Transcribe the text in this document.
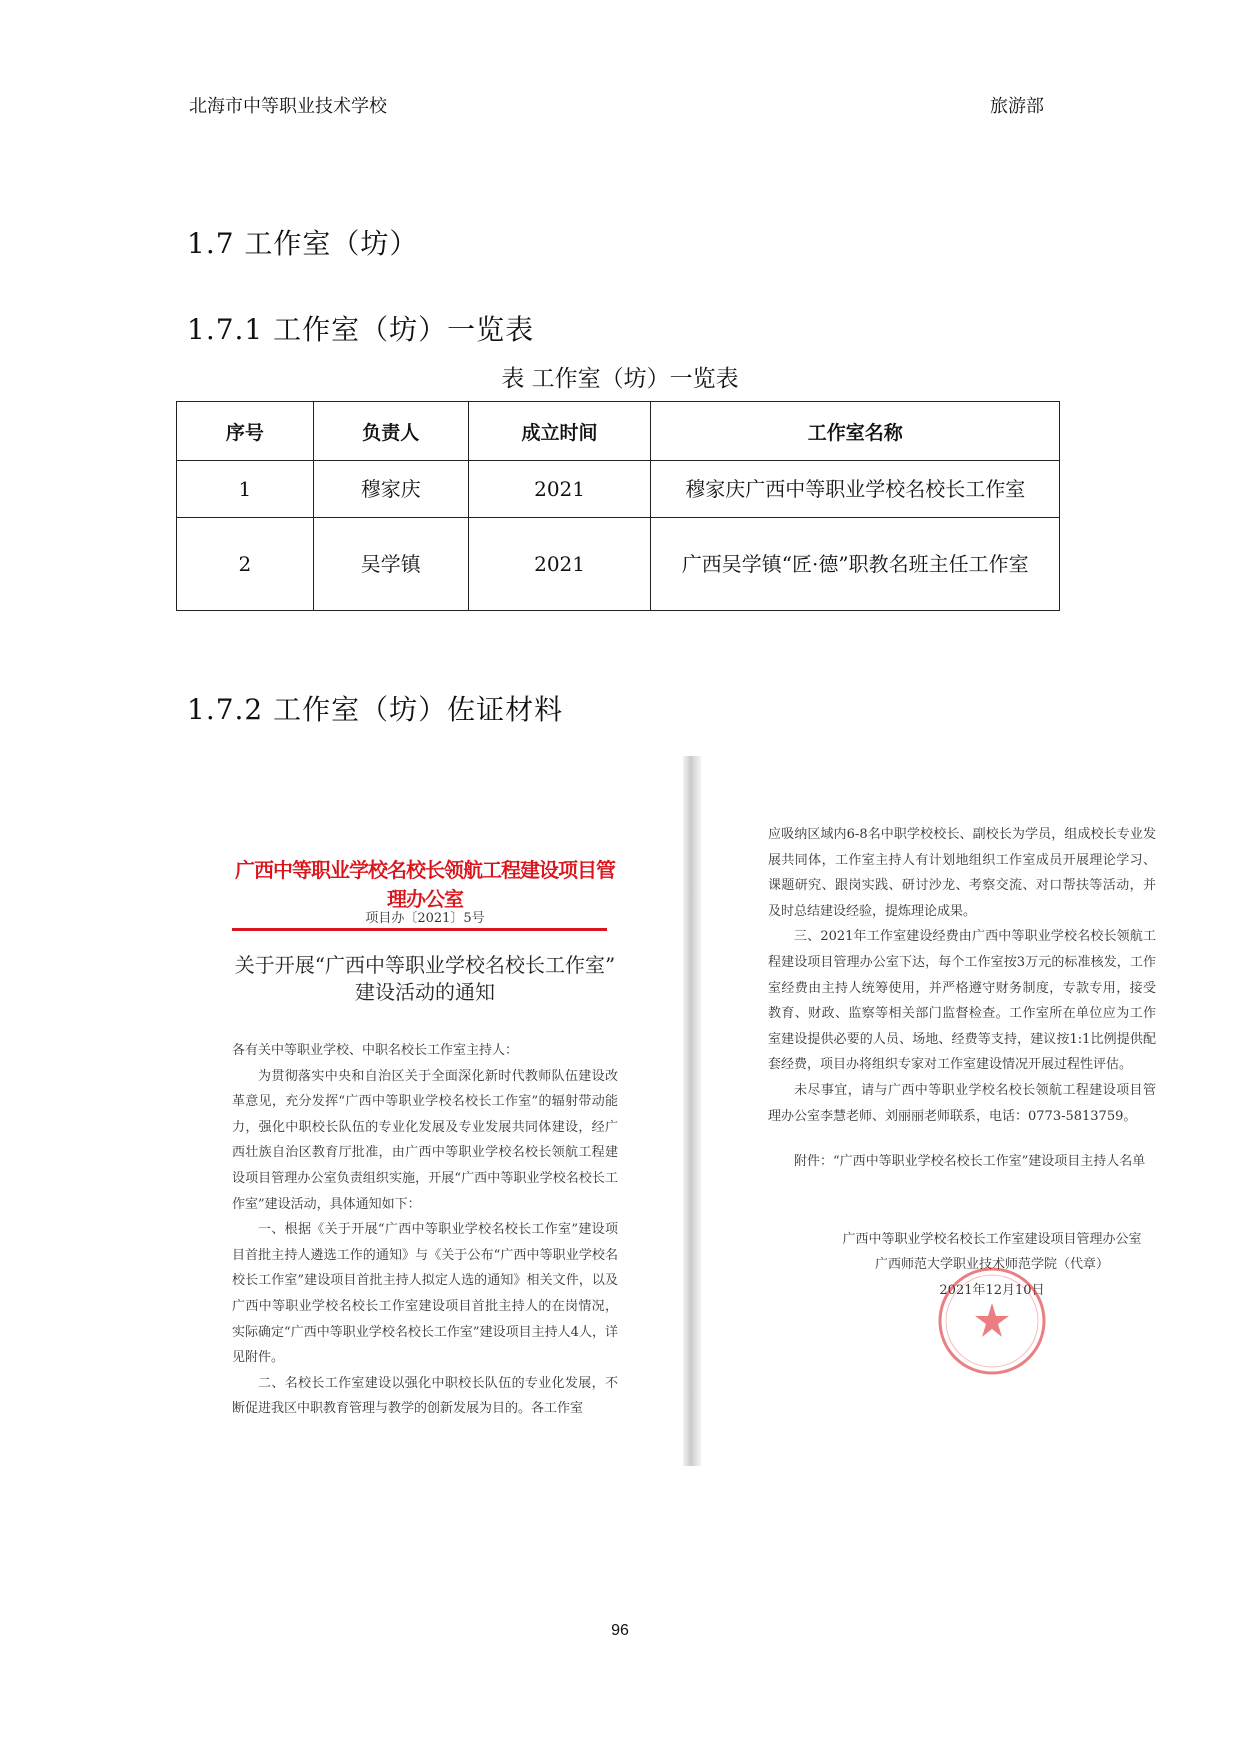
北海市中等职业技术学校	旅游部
1.7 工作室（坊）
1.7.1 工作室（坊）一览表
表 工作室（坊）一览表
序号	负责人	成立时间	工作室名称
1	穆家庆	2021	穆家庆广西中等职业学校名校长工作室
2	吴学镇	2021	广西吴学镇“匠·德”职教名班主任工作室
1.7.2 工作室（坊）佐证材料
广西中等职业学校名校长领航工程建设项目管理办公室
项目办〔2021〕5号
关于开展“广西中等职业学校名校长工作室”
建设活动的通知

各有关中等职业学校、中职名校长工作室主持人：

为贯彻落实中央和自治区关于全面深化新时代教师队伍建设改革意见，充分发挥“广西中等职业学校名校长工作室”的辐射带动能力，强化中职校长队伍的专业化发展及专业发展共同体建设，经广西壮族自治区教育厅批准，由广西中等职业学校名校长领航工程建设项目管理办公室负责组织实施，开展“广西中等职业学校名校长工作室”建设活动，具体通知如下：

一、根据《关于开展“广西中等职业学校名校长工作室”建设项目首批主持人遴选工作的通知》与《关于公布“广西中等职业学校名校长工作室”建设项目首批主持人拟定人选的通知》相关文件，以及广西中等职业学校名校长工作室建设项目首批主持人的在岗情况，实际确定“广西中等职业学校名校长工作室”建设项目主持人4人，详见附件。

二、名校长工作室建设以强化中职校长队伍的专业化发展，不断促进我区中职教育管理与教学的创新发展为目的。各工作室

应吸纳区域内6-8名中职学校校长、副校长为学员，组成校长专业发展共同体，工作室主持人有计划地组织工作室成员开展理论学习、课题研究、跟岗实践、研讨沙龙、考察交流、对口帮扶等活动，并及时总结建设经验，提炼理论成果。

三、2021年工作室建设经费由广西中等职业学校名校长领航工程建设项目管理办公室下达，每个工作室按3万元的标准核发，工作室经费由主持人统筹使用，并严格遵守财务制度，专款专用，接受教育、财政、监察等相关部门监督检查。工作室所在单位应为工作室建设提供必要的人员、场地、经费等支持，建议按1:1比例提供配套经费，项目办将组织专家对工作室建设情况开展过程性评估。

未尽事宜，请与广西中等职业学校名校长领航工程建设项目管理办公室李慧老师、刘丽丽老师联系，电话：0773-5813759。

附件：“广西中等职业学校名校长工作室”建设项目主持人名单

广西中等职业学校名校长工作室建设项目管理办公室
广西师范大学职业技术师范学院（代章）
2021年12月10日
96
